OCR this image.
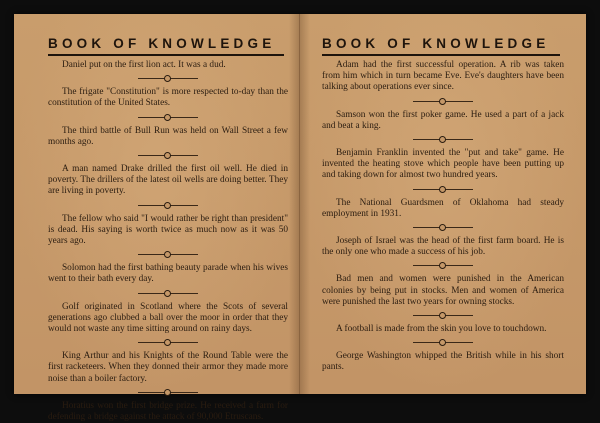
BOOK OF KNOWLEDGE

Daniel put on the first lion act. It was a dud.

The frigate "Constitution" is more respected to-day than the constitution of the United States.

The third battle of Bull Run was held on Wall Street a few months ago.

A man named Drake drilled the first oil well. He died in poverty. The drillers of the latest oil wells are doing better. They are living in poverty.

The fellow who said "I would rather be right than president" is dead. His saying is worth twice as much now as it was 50 years ago.

Solomon had the first bathing beauty parade when his wives went to their bath every day.

Golf originated in Scotland where the Scots of several generations ago clubbed a ball over the moor in order that they would not waste any time sitting around on rainy days.

King Arthur and his Knights of the Round Table were the first racketeers. When they donned their armor they made more noise than a boiler factory.

Horatius won the first bridge prize. He received a farm for defending a bridge against the attack of 90,000 Etruscans.

BOOK OF KNOWLEDGE

Adam had the first successful operation. A rib was taken from him which in turn became Eve. Eve's daughters have been talking about operations ever since.

Samson won the first poker game. He used a part of a jack and beat a king.

Benjamin Franklin invented the "put and take" game. He invented the heating stove which people have been putting up and taking down for almost two hundred years.

The National Guardsmen of Oklahoma had steady employment in 1931.

Joseph of Israel was the head of the first farm board. He is the only one who made a success of his job.

Bad men and women were punished in the American colonies by being put in stocks. Men and women of America were punished the last two years for owning stocks.

A football is made from the skin you love to touchdown.

George Washington whipped the British while in his short pants.
